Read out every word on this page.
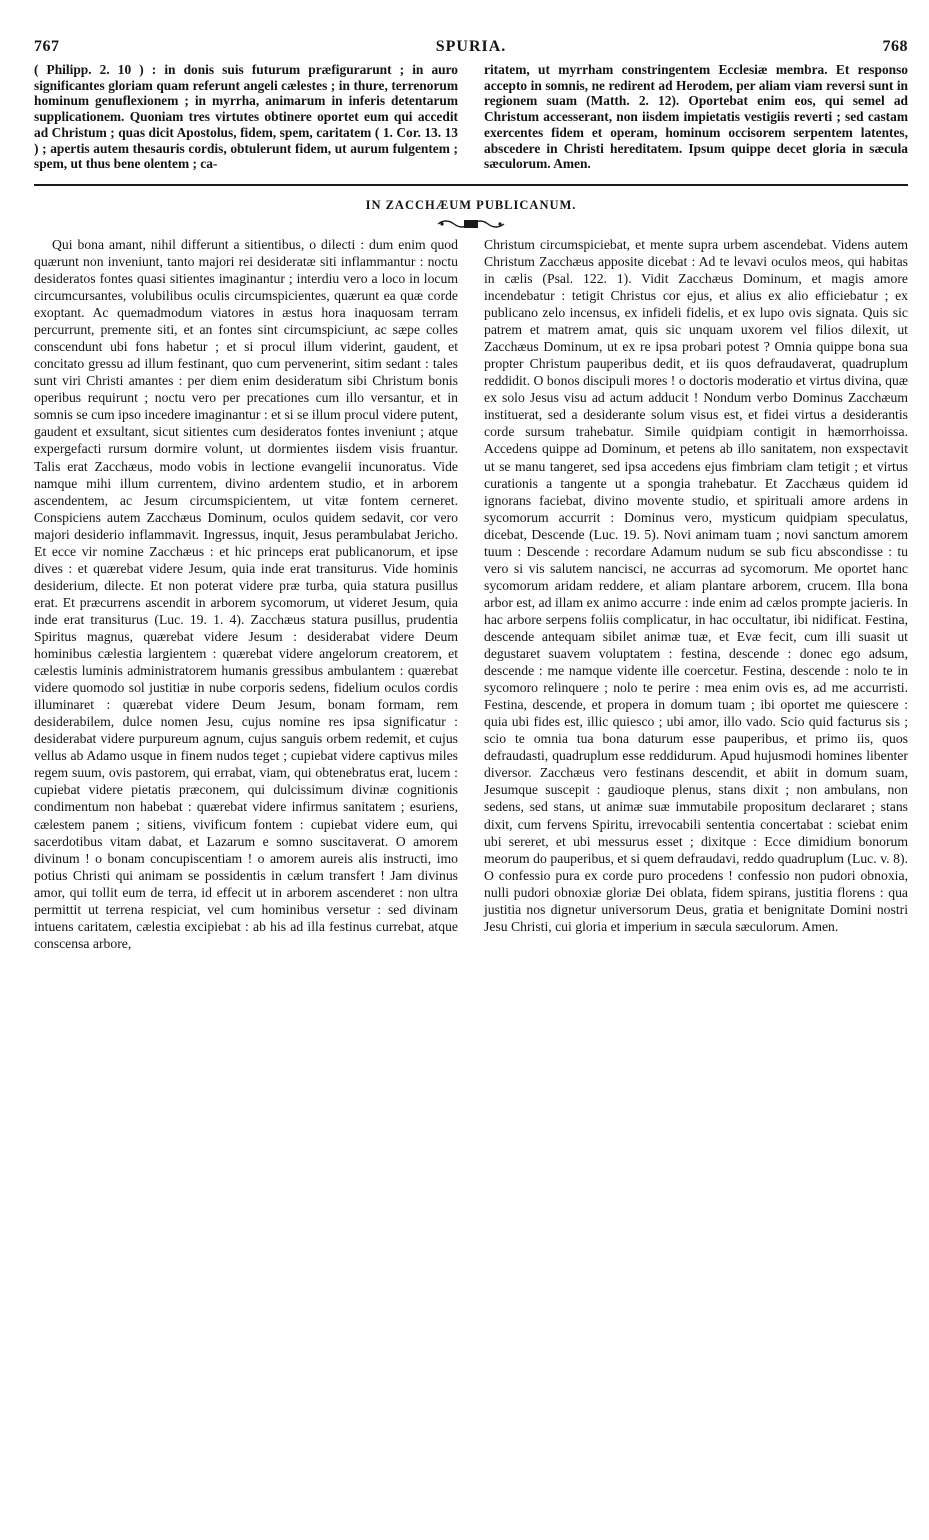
767	SPURIA.	768

( Philipp. 2. 10 ) : in donis suis futurum præfigurarunt ; in auro significantes gloriam quam referunt angeli cælestes ; in thure, terrenorum hominum genuflexionem ; in myrrha, animarum in inferis detentarum supplicationem. Quoniam tres virtutes obtinere oportet eum qui accedit ad Christum ; quas dicit Apostolus, fidem, spem, caritatem ( 1. Cor. 13. 13 ) ; apertis autem thesauris cordis, obtulerunt fidem, ut aurum fulgentem ; spem, ut thus bene olentem ; ca-

ritatem, ut myrrham constringentem Ecclesiæ membra. Et responso accepto in somnis, ne redirent ad Herodem, per aliam viam reversi sunt in regionem suam (Matth. 2. 12). Oportebat enim eos, qui semel ad Christum accesserant, non iisdem impietatis vestigiis reverti ; sed castam exercentes fidem et operam, hominum occisorem serpentem latentes, abscedere in Christi hereditatem. Ipsum quippe decet gloria in sæcula sæculorum. Amen.

IN ZACCHÆUM PUBLICANUM.

Qui bona amant, nihil differunt a sitientibus, o dilecti : dum enim quod quærunt non inveniunt, tanto majori rei desideratæ siti inflammantur : noctu desideratos fontes quasi sitientes imaginantur ; interdiu vero a loco in locum circumcursantes, volubilibus oculis circumspicientes, quærunt ea quæ corde exoptant. Ac quemadmodum viatores in æstus hora inaquosam terram percurrunt, premente siti, et an fontes sint circumspiciunt, ac sæpe colles conscendunt ubi fons habetur ; et si procul illum viderint, gaudent, et concitato gressu ad illum festinant, quo cum pervenerint, sitim sedant : tales sunt viri Christi amantes : per diem enim desideratum sibi Christum bonis operibus requirunt ; noctu vero per precationes cum illo versantur, et in somnis se cum ipso incedere imaginantur : et si se illum procul videre putent, gaudent et exsultant, sicut sitientes cum desideratos fontes inveniunt ; atque expergefacti rursum dormire volunt, ut dormientes iisdem visis fruantur. Talis erat Zacchæus, modo vobis in lectione evangelii incunoratus. Vide namque mihi illum currentem, divino ardentem studio, et in arborem ascendentem, ac Jesum circumspicientem, ut vitæ fontem cerneret. Conspiciens autem Zacchæus Dominum, oculos quidem sedavit, cor vero majori desiderio inflammavit. Ingressus, inquit, Jesus perambulabat Jericho. Et ecce vir nomine Zacchæus : et hic princeps erat publicanorum, et ipse dives : et quærebat videre Jesum, quia inde erat transiturus. Vide hominis desiderium, dilecte. Et non poterat videre præ turba, quia statura pusillus erat. Et præcurrens ascendit in arborem sycomorum, ut videret Jesum, quia inde erat transiturus (Luc. 19. 1. 4). Zacchæus statura pusillus, prudentia Spiritus magnus, quærebat videre Jesum : desiderabat videre Deum hominibus cælestia largientem : quærebat videre angelorum creatorem, et cælestis luminis administratorem humanis gressibus ambulantem : quærebat videre quomodo sol justitiæ in nube corporis sedens, fidelium oculos cordis illuminaret : quærebat videre Deum Jesum, bonam formam, rem desiderabilem, dulce nomen Jesu, cujus nomine res ipsa significatur : desiderabat videre purpureum agnum, cujus sanguis orbem redemit, et cujus vellus ab Adamo usque in finem nudos teget ; cupiebat videre captivus miles regem suum, ovis pastorem, qui errabat, viam, qui obtenebratus erat, lucem : cupiebat videre pietatis præconem, qui dulcissimum divinæ cognitionis condimentum non habebat : quærebat videre infirmus sanitatem ; esuriens, cælestem panem ; sitiens, vivificum fontem : cupiebat videre eum, qui sacerdotibus vitam dabat, et Lazarum e somno suscitaverat. O amorem divinum ! o bonam concupiscentiam ! o amorem aureis alis instructi, imo potius Christi qui animam se possidentis in cælum transfert ! Jam divinus amor, qui tollit eum de terra, id effecit ut in arborem ascenderet : non ultra permittit ut terrena respiciat, vel cum hominibus versetur : sed divinam intuens caritatem, cælestia excipiebat : ab his ad illa festinus currebat, atque conscensa arbore,

Christum circumspiciebat, et mente supra urbem ascendebat. Videns autem Christum Zacchæus apposite dicebat : Ad te levavi oculos meos, qui habitas in cælis (Psal. 122. 1). Vidit Zacchæus Dominum, et magis amore incendebatur : tetigit Christus cor ejus, et alius ex alio efficiebatur ; ex publicano zelo incensus, ex infideli fidelis, et ex lupo ovis signata. Quis sic patrem et matrem amat, quis sic unquam uxorem vel filios dilexit, ut Zacchæus Dominum, ut ex re ipsa probari potest ? Omnia quippe bona sua propter Christum pauperibus dedit, et iis quos defraudaverat, quadruplum reddidit. O bonos discipuli mores ! o doctoris moderatio et virtus divina, quæ ex solo Jesus visu ad actum adducit ! Nondum verbo Dominus Zacchæum instituerat, sed a desiderante solum visus est, et fidei virtus a desiderantis corde sursum trahebatur. Simile quidpiam contigit in hæmorrhoissa. Accedens quippe ad Dominum, et petens ab illo sanitatem, non exspectavit ut se manu tangeret, sed ipsa accedens ejus fimbriam clam tetigit ; et virtus curationis a tangente ut a spongia trahebatur. Et Zacchæus quidem id ignorans faciebat, divino movente studio, et spirituali amore ardens in sycomorum accurrit : Dominus vero, mysticum quidpiam speculatus, dicebat, Descende (Luc. 19. 5). Novi animam tuam ; novi sanctum amorem tuum : Descende : recordare Adamum nudum se sub ficu abscondisse : tu vero si vis salutem nancisci, ne accurras ad sycomorum. Me oportet hanc sycomorum aridam reddere, et aliam plantare arborem, crucem. Illa bona arbor est, ad illam ex animo accurre : inde enim ad cælos prompte jacieris. In hac arbore serpens foliis complicatur, in hac occultatur, ibi nidificat. Festina, descende antequam sibilet animæ tuæ, et Evæ fecit, cum illi suasit ut degustaret suavem voluptatem : festina, descende : donec ego adsum, descende : me namque vidente ille coercetur. Festina, descende : nolo te in sycomoro relinquere ; nolo te perire : mea enim ovis es, ad me accurristi. Festina, descende, et propera in domum tuam ; ibi oportet me quiescere : quia ubi fides est, illic quiesco ; ubi amor, illo vado. Scio quid facturus sis ; scio te omnia tua bona daturum esse pauperibus, et primo iis, quos defraudasti, quadruplum esse reddidurum. Apud hujusmodi homines libenter diversor. Zacchæus vero festinans descendit, et abiit in domum suam, Jesumque suscepit : gaudioque plenus, stans dixit ; non ambulans, non sedens, sed stans, ut animæ suæ immutabile propositum declararet ; stans dixit, cum fervens Spiritu, irrevocabili sententia concertabat : sciebat enim ubi sereret, et ubi messurus esset ; dixitque : Ecce dimidium bonorum meorum do pauperibus, et si quem defraudavi, reddo quadruplum (Luc. v. 8). O confessio pura ex corde puro procedens ! confessio non pudori obnoxia, nulli pudori obnoxiæ gloriæ Dei oblata, fidem spirans, justitia florens : qua justitia nos dignetur universorum Deus, gratia et benignitate Domini nostri Jesu Christi, cui gloria et imperium in sæcula sæculorum. Amen.
